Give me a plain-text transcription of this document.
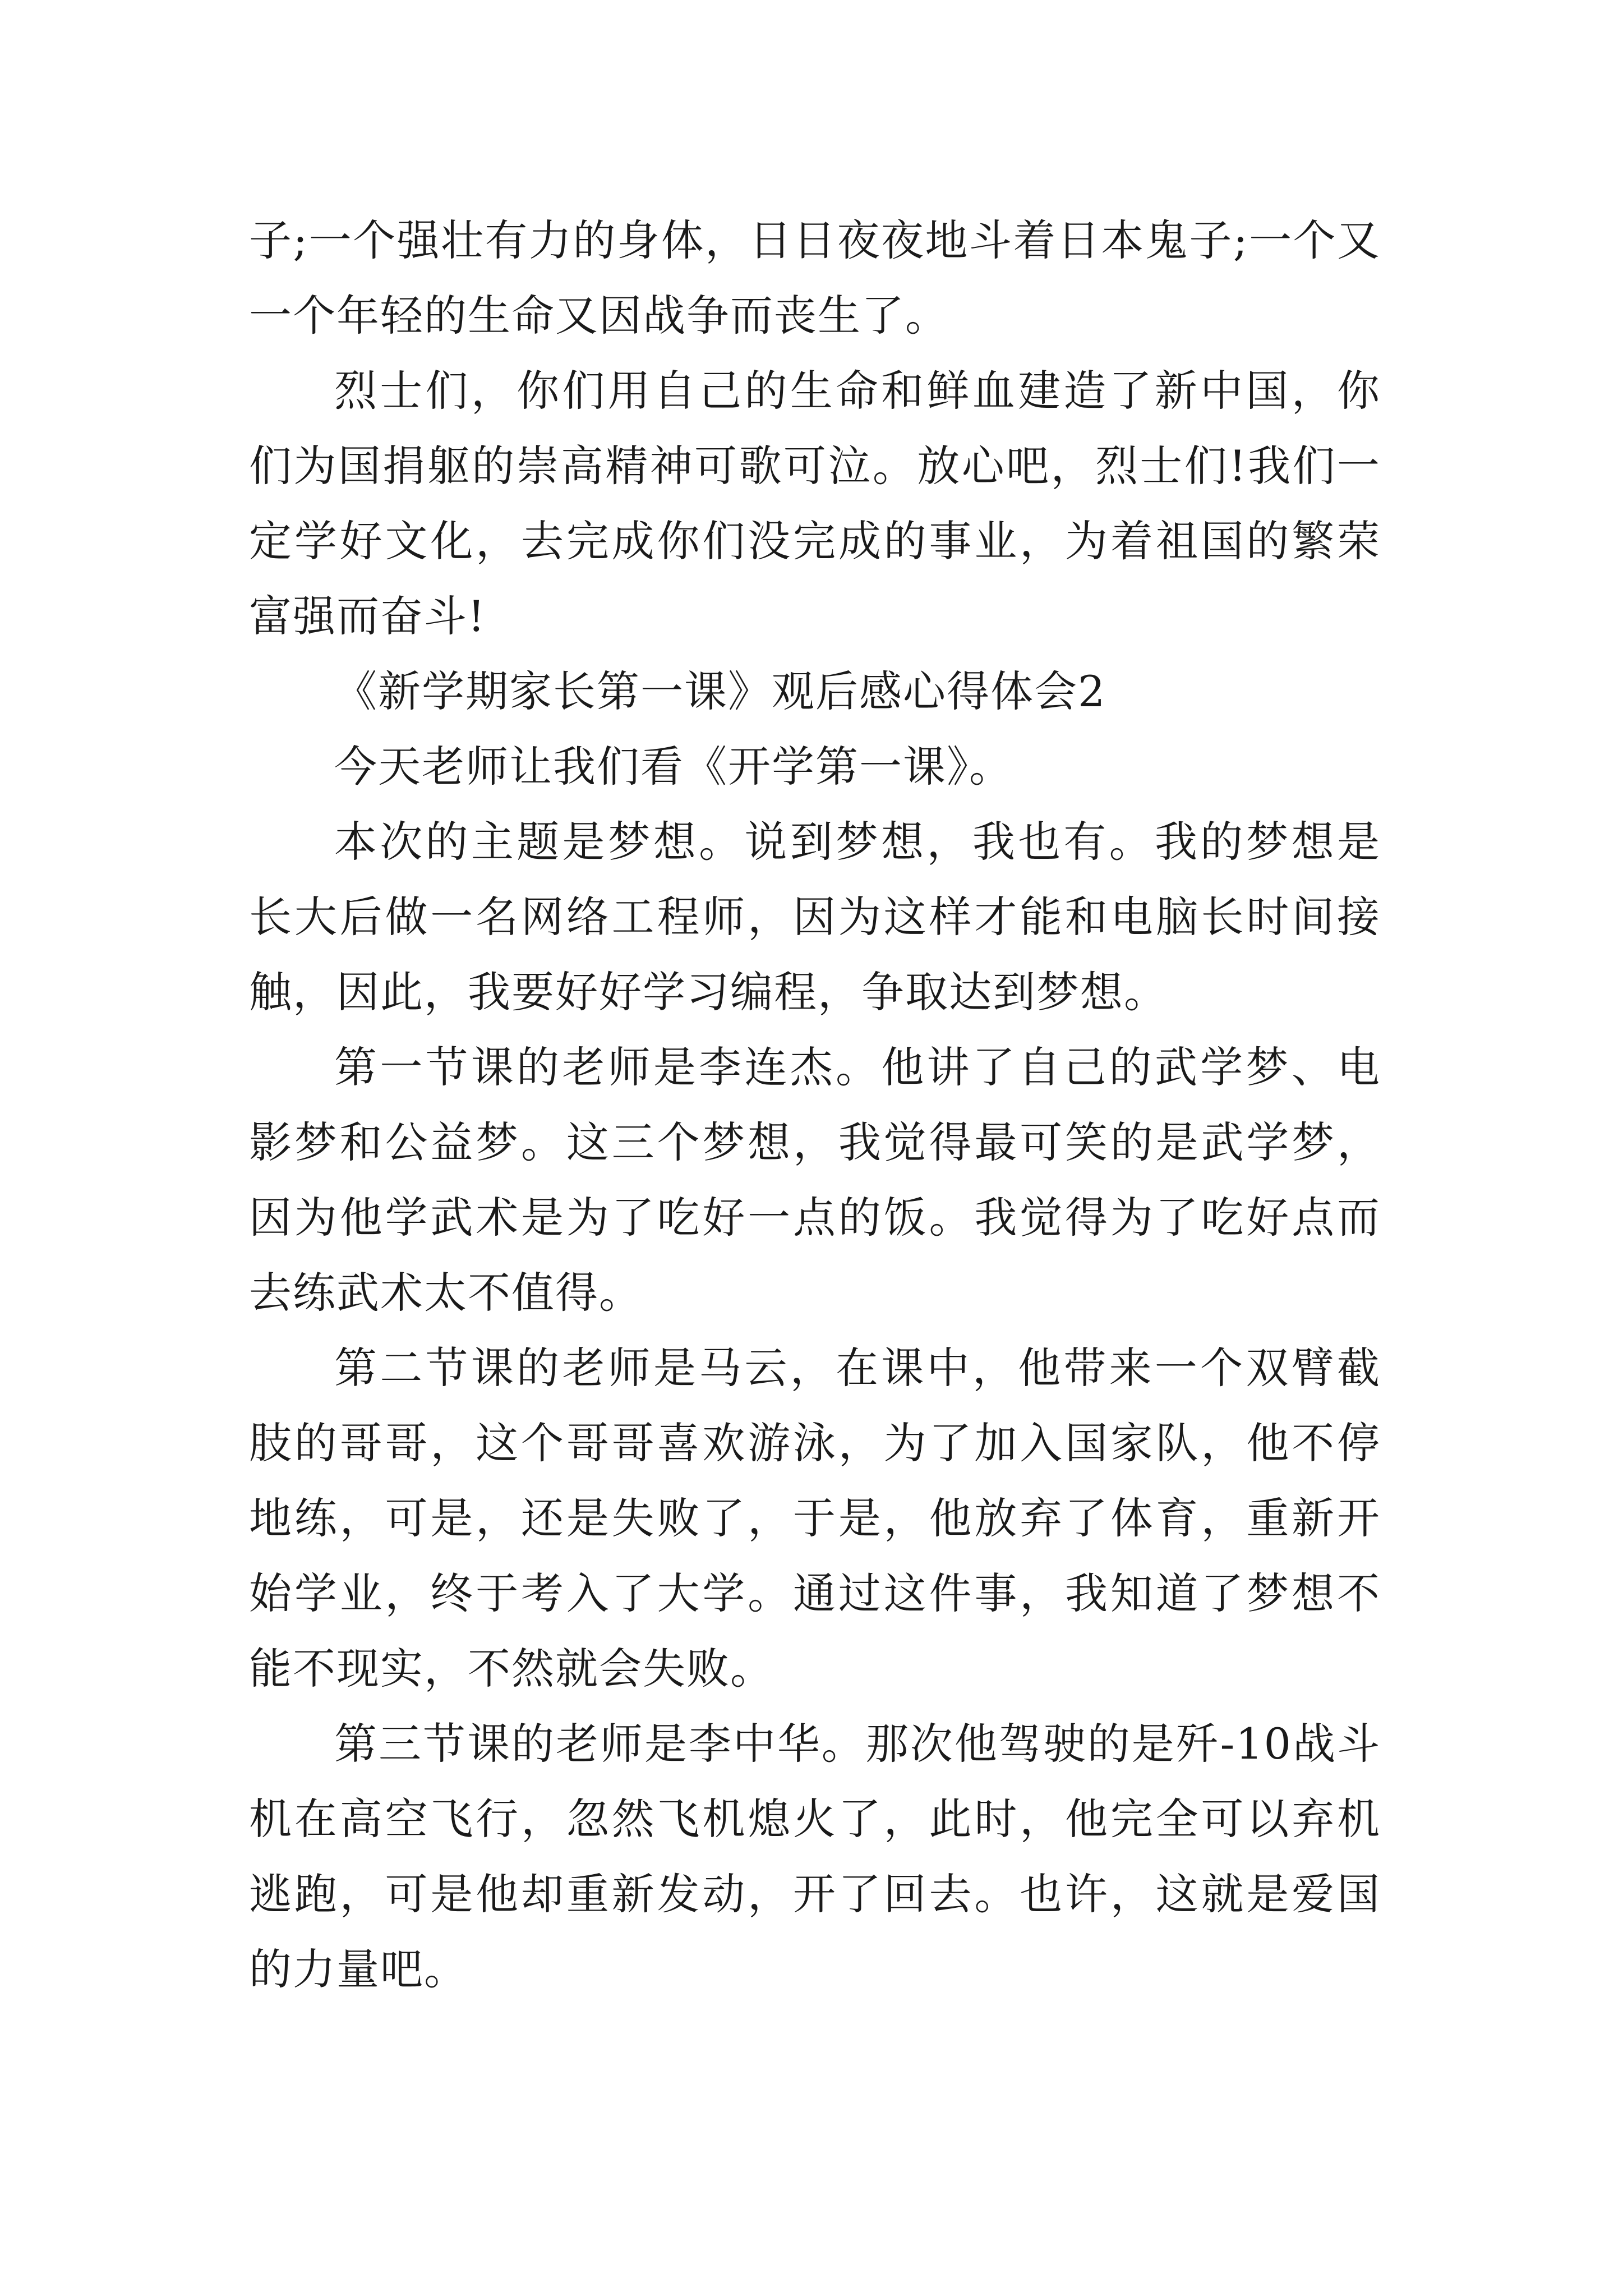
子;一个强壮有力的身体，日日夜夜地斗着日本鬼子;一个又一个年轻的生命又因战争而丧生了。

烈士们，你们用自己的生命和鲜血建造了新中国，你们为国捐躯的崇高精神可歌可泣。放心吧，烈士们!我们一定学好文化，去完成你们没完成的事业，为着祖国的繁荣富强而奋斗!

《新学期家长第一课》观后感心得体会2

今天老师让我们看《开学第一课》。

本次的主题是梦想。说到梦想，我也有。我的梦想是长大后做一名网络工程师，因为这样才能和电脑长时间接触，因此，我要好好学习编程，争取达到梦想。

第一节课的老师是李连杰。他讲了自己的武学梦、电影梦和公益梦。这三个梦想，我觉得最可笑的是武学梦，因为他学武术是为了吃好一点的饭。我觉得为了吃好点而去练武术太不值得。

第二节课的老师是马云，在课中，他带来一个双臂截肢的哥哥，这个哥哥喜欢游泳，为了加入国家队，他不停地练，可是，还是失败了，于是，他放弃了体育，重新开始学业，终于考入了大学。通过这件事，我知道了梦想不能不现实，不然就会失败。

第三节课的老师是李中华。那次他驾驶的是歼-10战斗机在高空飞行，忽然飞机熄火了，此时，他完全可以弃机逃跑，可是他却重新发动，开了回去。也许，这就是爱国的力量吧。
